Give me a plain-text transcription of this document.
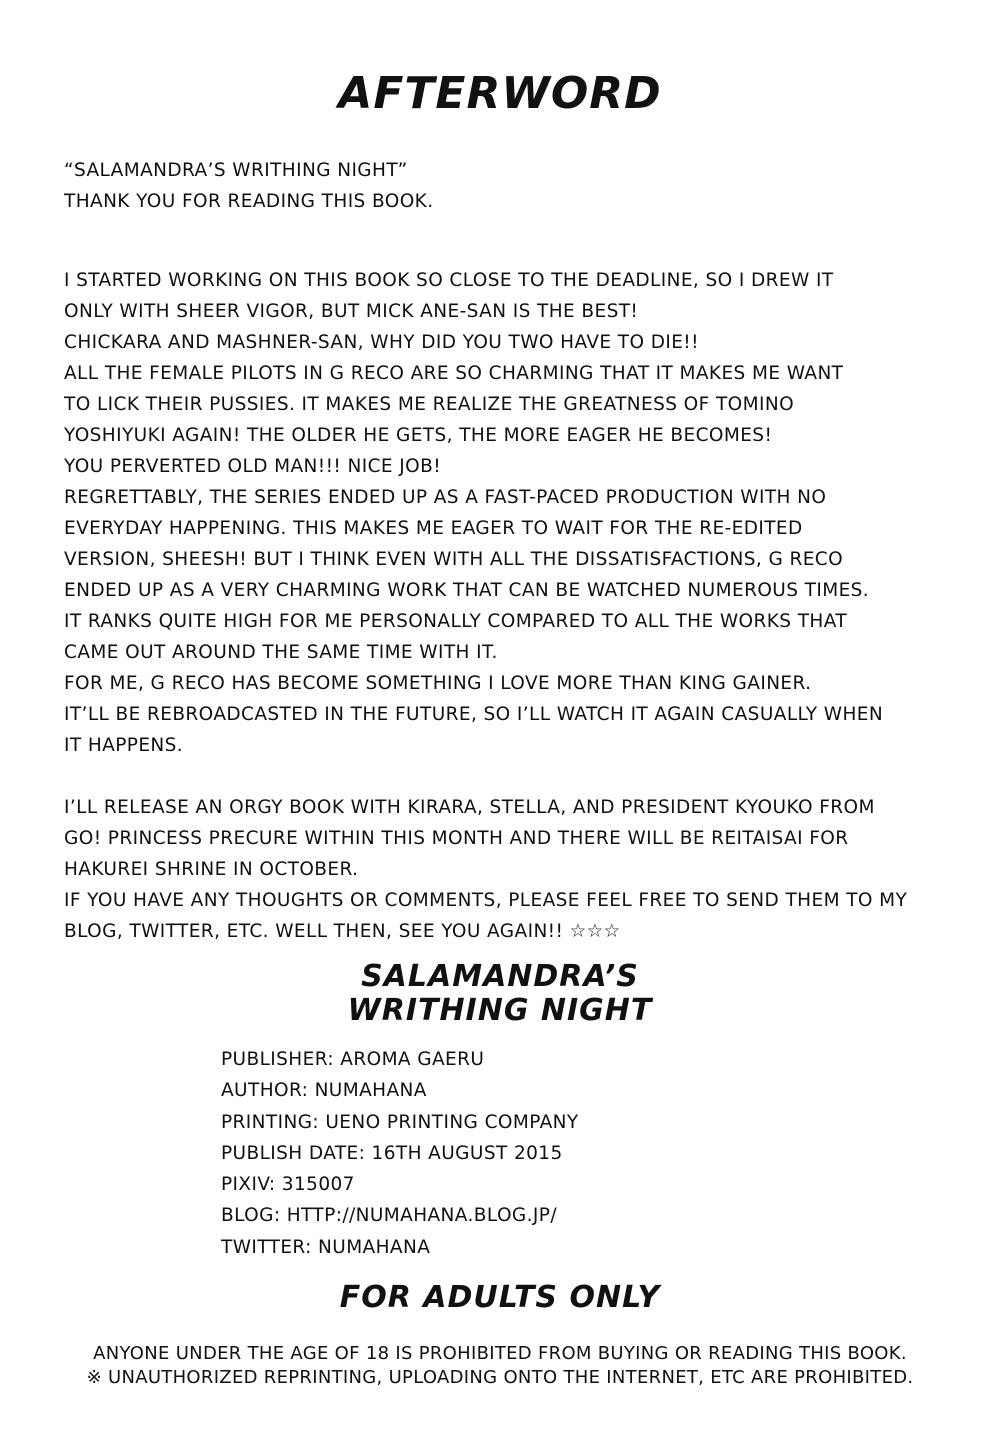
AFTERWORD
“SALAMANDRA’S WRITHING NIGHT”
THANK YOU FOR READING THIS BOOK.
I STARTED WORKING ON THIS BOOK SO CLOSE TO THE DEADLINE, SO I DREW IT
ONLY WITH SHEER VIGOR, BUT MICK ANE-SAN IS THE BEST!
CHICKARA AND MASHNER-SAN, WHY DID YOU TWO HAVE TO DIE!!
ALL THE FEMALE PILOTS IN G RECO ARE SO CHARMING THAT IT MAKES ME WANT
TO LICK THEIR PUSSIES. IT MAKES ME REALIZE THE GREATNESS OF TOMINO
YOSHIYUKI AGAIN! THE OLDER HE GETS, THE MORE EAGER HE BECOMES!
YOU PERVERTED OLD MAN!!! NICE JOB!
REGRETTABLY, THE SERIES ENDED UP AS A FAST-PACED PRODUCTION WITH NO
EVERYDAY HAPPENING. THIS MAKES ME EAGER TO WAIT FOR THE RE-EDITED
VERSION, SHEESH! BUT I THINK EVEN WITH ALL THE DISSATISFACTIONS, G RECO
ENDED UP AS A VERY CHARMING WORK THAT CAN BE WATCHED NUMEROUS TIMES.
IT RANKS QUITE HIGH FOR ME PERSONALLY COMPARED TO ALL THE WORKS THAT
CAME OUT AROUND THE SAME TIME WITH IT.
FOR ME, G RECO HAS BECOME SOMETHING I LOVE MORE THAN KING GAINER.
IT’LL BE REBROADCASTED IN THE FUTURE, SO I’LL WATCH IT AGAIN CASUALLY WHEN
IT HAPPENS.
I’LL RELEASE AN ORGY BOOK WITH KIRARA, STELLA, AND PRESIDENT KYOUKO FROM
GO! PRINCESS PRECURE WITHIN THIS MONTH AND THERE WILL BE REITAISAI FOR
HAKUREI SHRINE IN OCTOBER.
IF YOU HAVE ANY THOUGHTS OR COMMENTS, PLEASE FEEL FREE TO SEND THEM TO MY
BLOG, TWITTER, ETC. WELL THEN, SEE YOU AGAIN!! ☆☆☆
SALAMANDRA’S
WRITHING NIGHT
PUBLISHER: AROMA GAERU
AUTHOR: NUMAHANA
PRINTING: UENO PRINTING COMPANY
PUBLISH DATE: 16TH AUGUST 2015
PIXIV: 315007
BLOG: HTTP://NUMAHANA.BLOG.JP/
TWITTER: NUMAHANA
FOR ADULTS ONLY
ANYONE UNDER THE AGE OF 18 IS PROHIBITED FROM BUYING OR READING THIS BOOK.
※ UNAUTHORIZED REPRINTING, UPLOADING ONTO THE INTERNET, ETC ARE PROHIBITED.
